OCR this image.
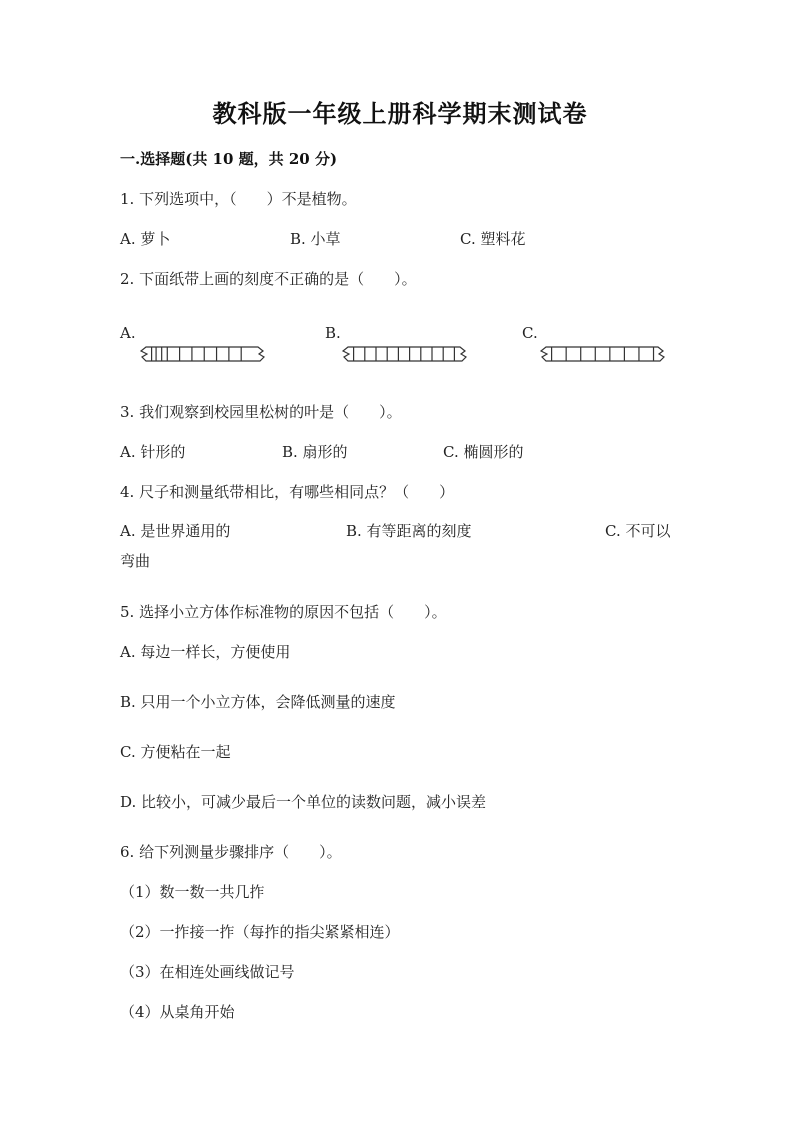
教科版一年级上册科学期末测试卷
一.选择题(共 10 题，共 20 分)
1. 下列选项中，（　　）不是植物。
A. 萝卜	B. 小草	C. 塑料花
2. 下面纸带上画的刻度不正确的是（　　）。
A.	B.	C.
3. 我们观察到校园里松树的叶是（　　）。
A. 针形的	B. 扇形的	C. 椭圆形的
4. 尺子和测量纸带相比，有哪些相同点？（　　）
A. 是世界通用的	B. 有等距离的刻度	C. 不可以
弯曲
5. 选择小立方体作标准物的原因不包括（　　）。
A. 每边一样长，方便使用
B. 只用一个小立方体，会降低测量的速度
C. 方便粘在一起
D. 比较小，可减少最后一个单位的读数问题，减小误差
6. 给下列测量步骤排序（　　）。
（1）数一数一共几拃
（2）一拃接一拃（每拃的指尖紧紧相连）
（3）在相连处画线做记号
（4）从桌角开始
